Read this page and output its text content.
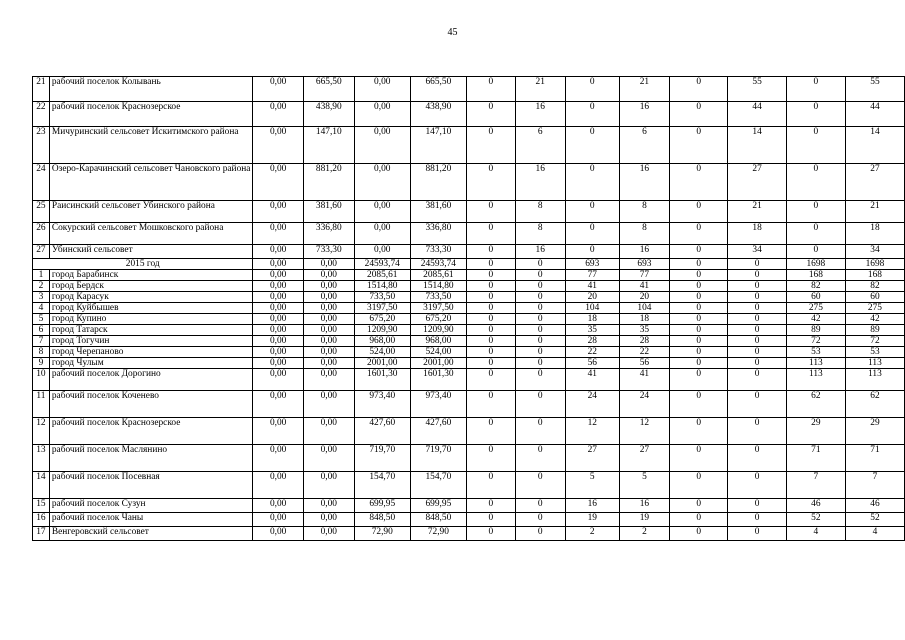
45
21	рабочий поселок Колывань	0,00	665,50	0,00	665,50	0	21	0	21	0	55	0	55
22	рабочий поселок Краснозерское	0,00	438,90	0,00	438,90	0	16	0	16	0	44	0	44
23	Мичуринский сельсовет Искитимского района	0,00	147,10	0,00	147,10	0	6	0	6	0	14	0	14
24	Озеро-Карачинский сельсовет Чановского района	0,00	881,20	0,00	881,20	0	16	0	16	0	27	0	27
25	Раисинский сельсовет Убинского района	0,00	381,60	0,00	381,60	0	8	0	8	0	21	0	21
26	Сокурский сельсовет Мошковского района	0,00	336,80	0,00	336,80	0	8	0	8	0	18	0	18
27	Убинский сельсовет	0,00	733,30	0,00	733,30	0	16	0	16	0	34	0	34
2015 год		0,00	0,00	24593,74	24593,74	0	0	693	693	0	0	1698	1698
1	город Барабинск	0,00	0,00	2085,61	2085,61	0	0	77	77	0	0	168	168
2	город Бердск	0,00	0,00	1514,80	1514,80	0	0	41	41	0	0	82	82
3	город Карасук	0,00	0,00	733,50	733,50	0	0	20	20	0	0	60	60
4	город Куйбышев	0,00	0,00	3197,50	3197,50	0	0	104	104	0	0	275	275
5	город Купино	0,00	0,00	675,20	675,20	0	0	18	18	0	0	42	42
6	город Татарск	0,00	0,00	1209,90	1209,90	0	0	35	35	0	0	89	89
7	город Тогучин	0,00	0,00	968,00	968,00	0	0	28	28	0	0	72	72
8	город Черепаново	0,00	0,00	524,00	524,00	0	0	22	22	0	0	53	53
9	город Чулым	0,00	0,00	2001,00	2001,00	0	0	56	56	0	0	113	113
10	рабочий поселок Дорогино	0,00	0,00	1601,30	1601,30	0	0	41	41	0	0	113	113
11	рабочий поселок Коченево	0,00	0,00	973,40	973,40	0	0	24	24	0	0	62	62
12	рабочий поселок Краснозерское	0,00	0,00	427,60	427,60	0	0	12	12	0	0	29	29
13	рабочий поселок Маслянино	0,00	0,00	719,70	719,70	0	0	27	27	0	0	71	71
14	рабочий поселок Посевная	0,00	0,00	154,70	154,70	0	0	5	5	0	0	7	7
15	рабочий поселок Сузун	0,00	0,00	699,95	699,95	0	0	16	16	0	0	46	46
16	рабочий поселок Чаны	0,00	0,00	848,50	848,50	0	0	19	19	0	0	52	52
17	Венгеровский сельсовет	0,00	0,00	72,90	72,90	0	0	2	2	0	0	4	4
